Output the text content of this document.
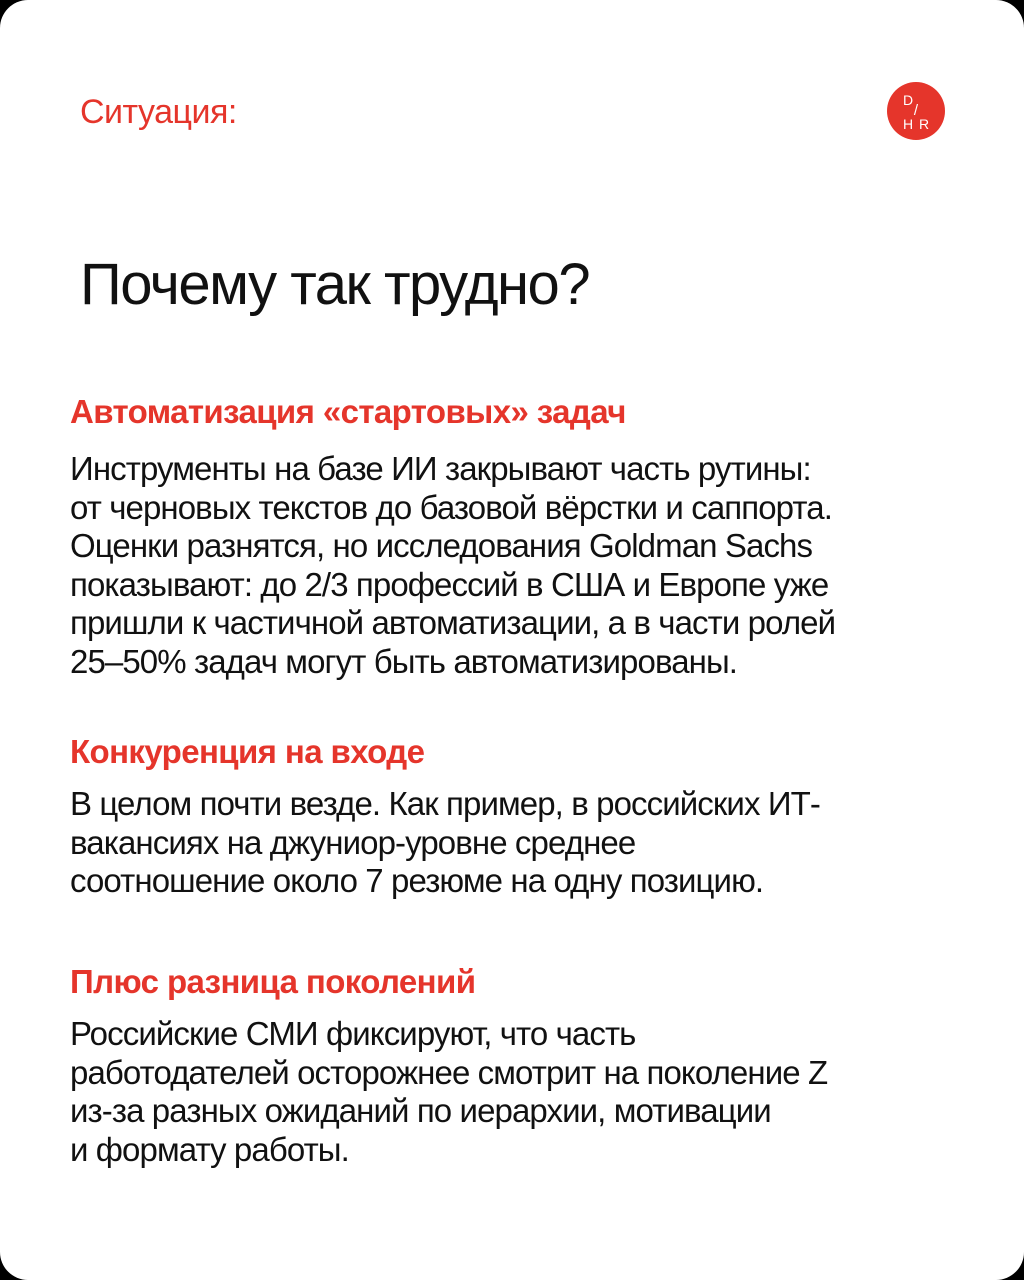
Ситуация:	D
/
H R
Почему так трудно?
Автоматизация «стартовых» задач

Инструменты на базе ИИ закрывают часть рутины:
от черновых текстов до базовой вёрстки и саппорта.
Оценки разнятся, но исследования Goldman Sachs
показывают: до 2/3 профессий в США и Европе уже
пришли к частичной автоматизации, а в части ролей
25–50% задач могут быть автоматизированы.

Конкуренция на входе

В целом почти везде. Как пример, в российских ИТ-
вакансиях на джуниор-уровне среднее
соотношение около 7 резюме на одну позицию.

Плюс разница поколений

Российские СМИ фиксируют, что часть
работодателей осторожнее смотрит на поколение Z
из-за разных ожиданий по иерархии, мотивации
и формату работы.
